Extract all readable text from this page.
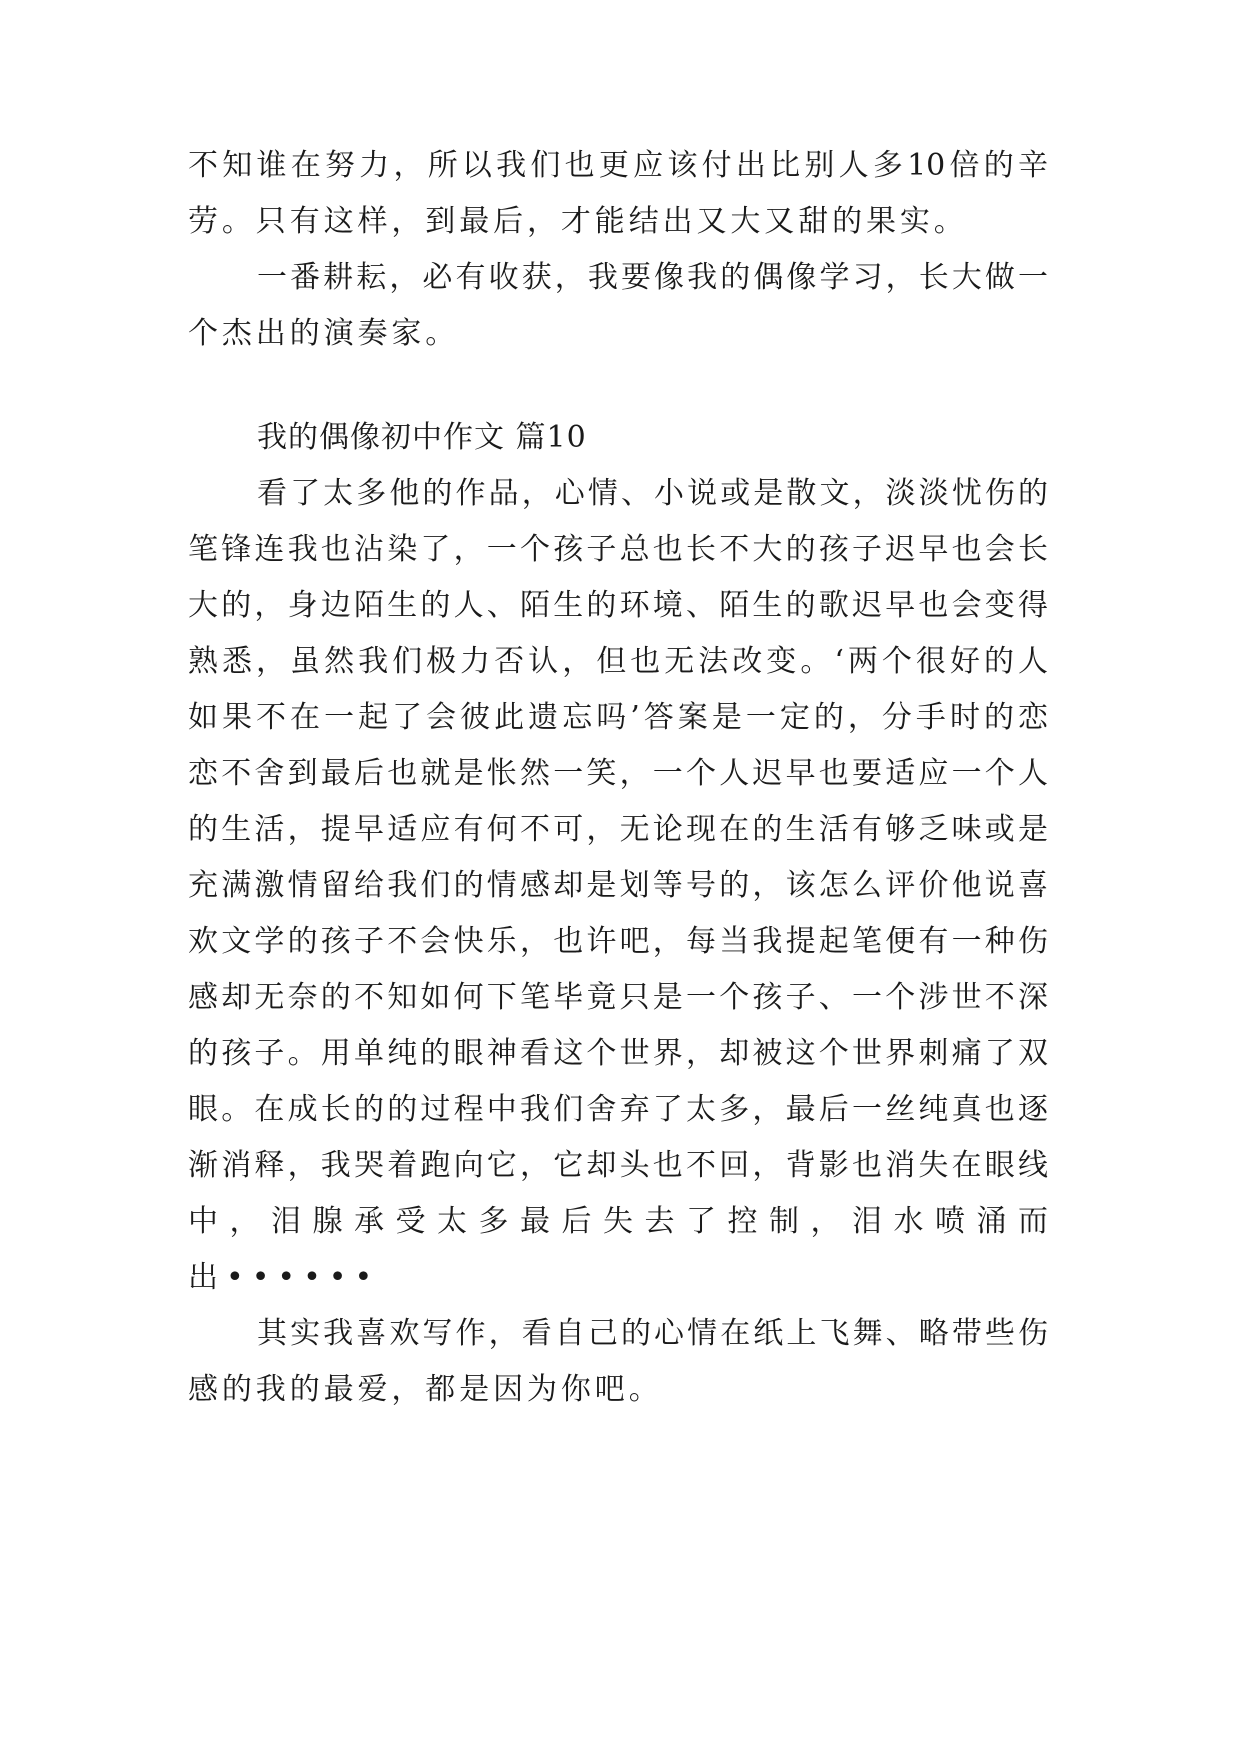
不知谁在努力，所以我们也更应该付出比别人多10倍的辛

劳。只有这样，到最后，才能结出又大又甜的果实。

一番耕耘，必有收获，我要像我的偶像学习，长大做一

个杰出的演奏家。

我的偶像初中作文 篇10

看了太多他的作品，心情、小说或是散文，淡淡忧伤的

笔锋连我也沾染了，一个孩子总也长不大的孩子迟早也会长

大的，身边陌生的人、陌生的环境、陌生的歌迟早也会变得

熟悉，虽然我们极力否认，但也无法改变。‘两个很好的人

如果不在一起了会彼此遗忘吗’答案是一定的，分手时的恋

恋不舍到最后也就是怅然一笑，一个人迟早也要适应一个人

的生活，提早适应有何不可，无论现在的生活有够乏味或是

充满激情留给我们的情感却是划等号的，该怎么评价他说喜

欢文学的孩子不会快乐，也许吧，每当我提起笔便有一种伤

感却无奈的不知如何下笔毕竟只是一个孩子、一个涉世不深

的孩子。用单纯的眼神看这个世界，却被这个世界刺痛了双

眼。在成长的的过程中我们舍弃了太多，最后一丝纯真也逐

渐消释，我哭着跑向它，它却头也不回，背影也消失在眼线

中，泪腺承受太多最后失去了控制，泪水喷涌而

出••••••

其实我喜欢写作，看自己的心情在纸上飞舞、略带些伤

感的我的最爱，都是因为你吧。
